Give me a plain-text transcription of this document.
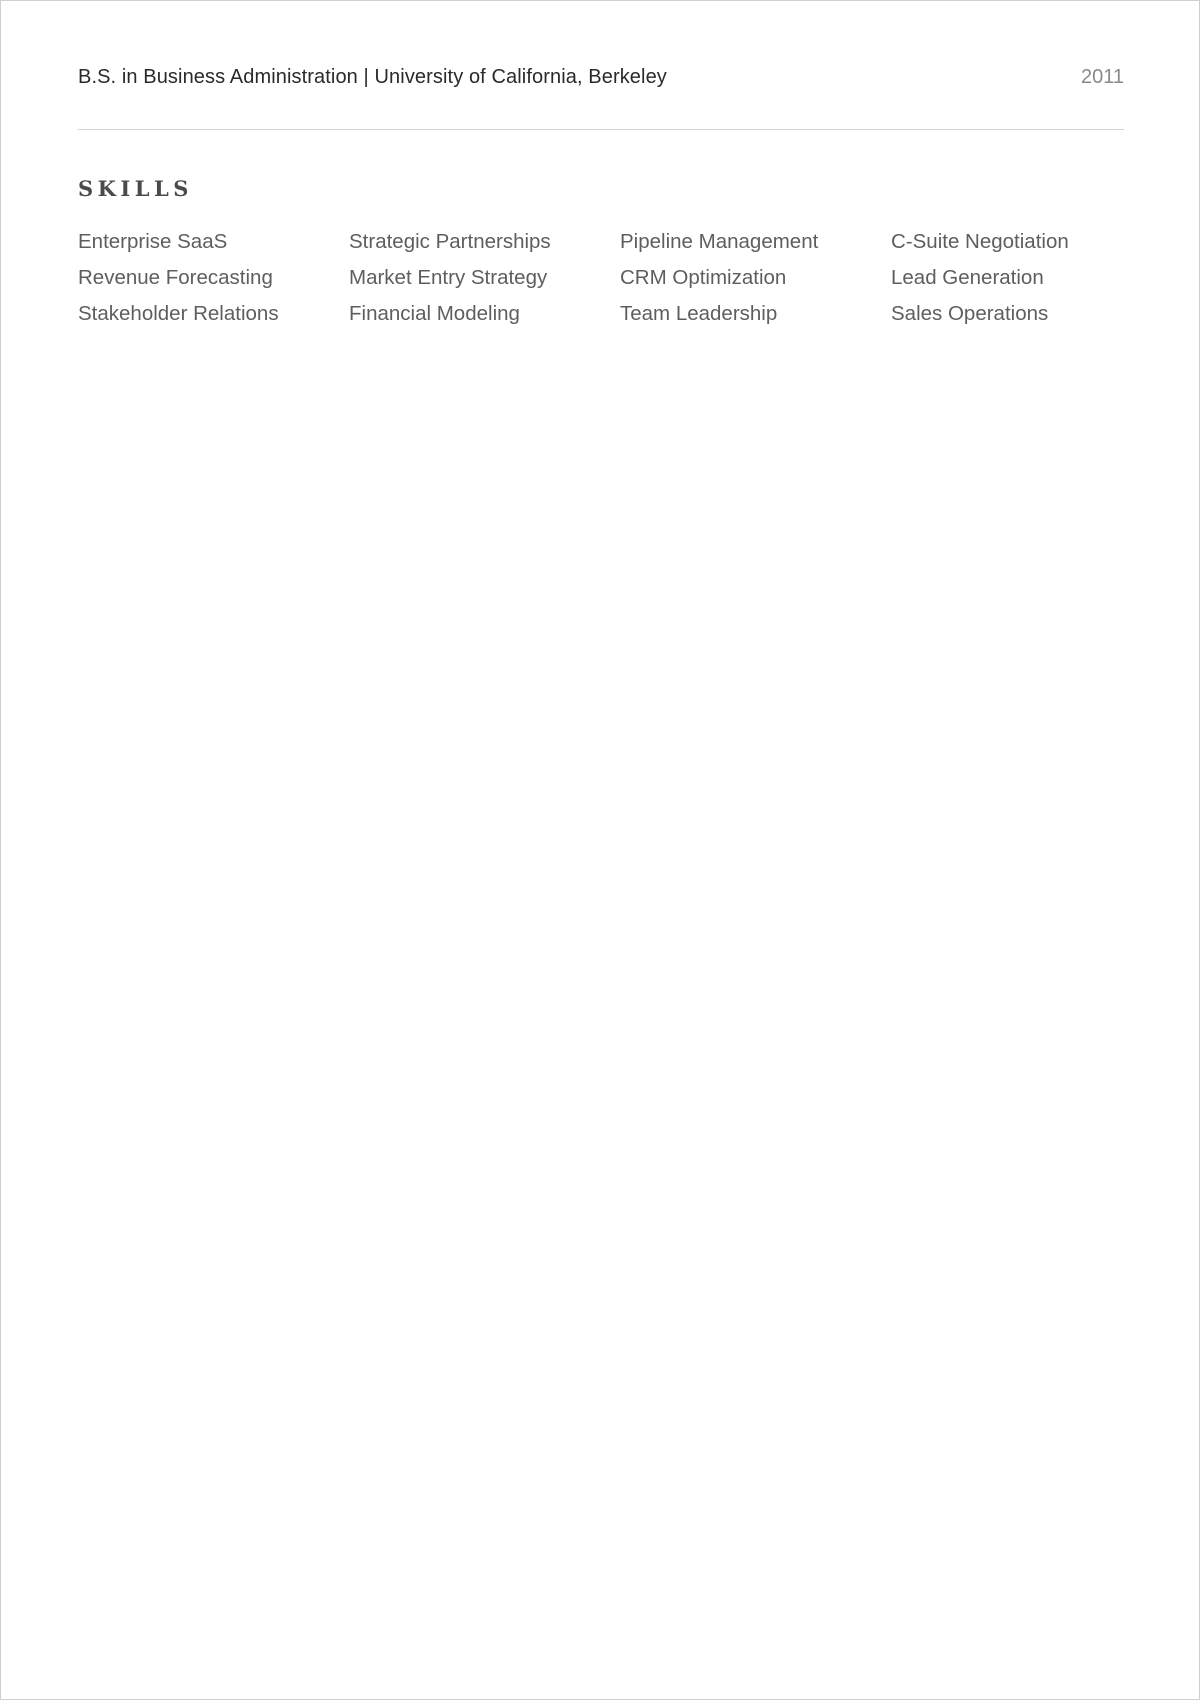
B.S. in Business Administration | University of California, Berkeley	2011
SKILLS
Enterprise SaaS	Strategic Partnerships	Pipeline Management	C-Suite Negotiation
Revenue Forecasting	Market Entry Strategy	CRM Optimization	Lead Generation
Stakeholder Relations	Financial Modeling	Team Leadership	Sales Operations
